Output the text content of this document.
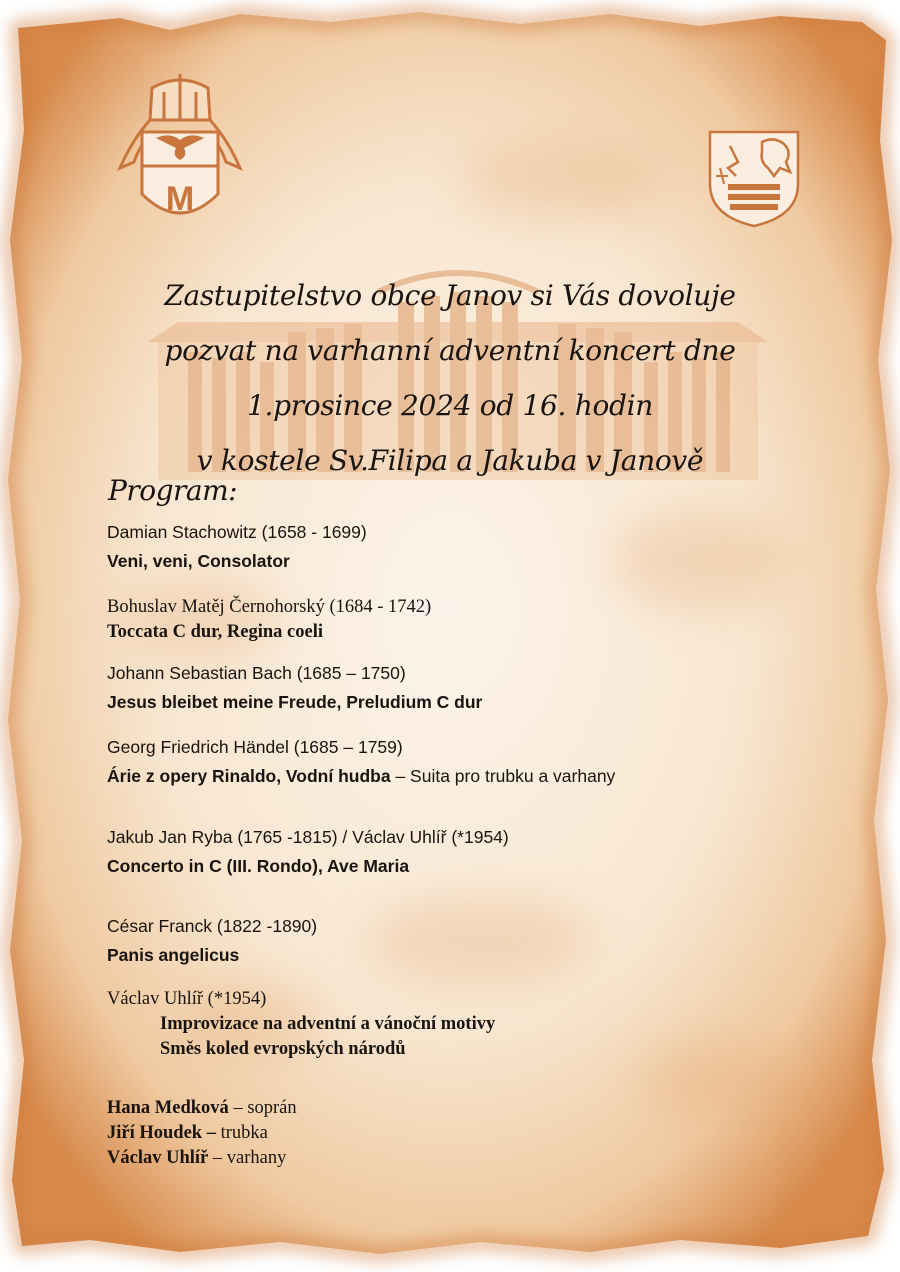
M
Zastupitelstvo obce Janov si Vás dovoluje
pozvat na varhanní adventní koncert dne
1.prosince 2024 od 16. hodin
v kostele Sv.Filipa a Jakuba v Janově
Program:
Damian Stachowitz (1658 - 1699)
Veni, veni, Consolator
Bohuslav Matěj Černohorský (1684 - 1742)
Toccata C dur, Regina coeli
Johann Sebastian Bach (1685 – 1750)
Jesus bleibet meine Freude, Preludium C dur
Georg Friedrich Händel (1685 – 1759)
Árie z opery Rinaldo, Vodní hudba – Suita pro trubku a varhany
Jakub Jan Ryba (1765 -1815) / Václav Uhlíř (*1954)
Concerto in C (III. Rondo), Ave Maria
César Franck (1822 -1890)
Panis angelicus
Václav Uhlíř (*1954)
Improvizace na adventní a vánoční motivy
Směs koled evropských národů
Hana Medková – soprán
Jiří Houdek – trubka
Václav Uhlíř – varhany
